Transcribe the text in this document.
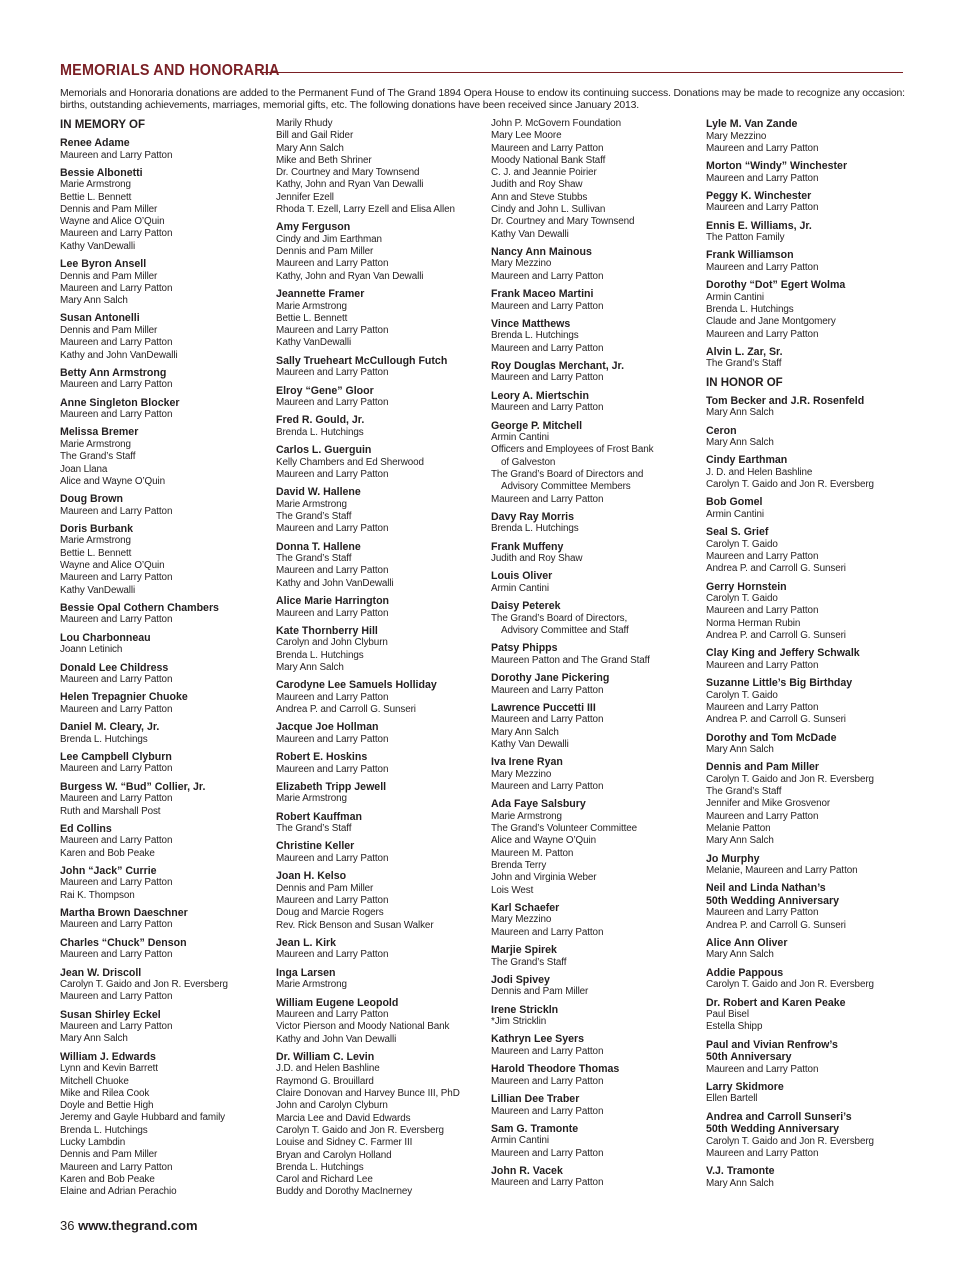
MEMORIALS AND HONORARIA
Memorials and Honoraria donations are added to the Permanent Fund of The Grand 1894 Opera House to endow its continuing success. Donations may be made to recognize any occasion: births, outstanding achievements, marriages, memorial gifts, etc. The following donations have been received since January 2013.
IN MEMORY OF
Renee Adame
Maureen and Larry Patton
Bessie Albonetti
Marie Armstrong
Bettie L. Bennett
Dennis and Pam Miller
Wayne and Alice O’Quin
Maureen and Larry Patton
Kathy VanDewalli
Lee Byron Ansell
Dennis and Pam Miller
Maureen and Larry Patton
Mary Ann Salch
Susan Antonelli
Dennis and Pam Miller
Maureen and Larry Patton
Kathy and John VanDewalli
Betty Ann Armstrong
Maureen and Larry Patton
Anne Singleton Blocker
Maureen and Larry Patton
Melissa Bremer
Marie Armstrong
The Grand’s Staff
Joan Llana
Alice and Wayne O’Quin
Doug Brown
Maureen and Larry Patton
Doris Burbank
Marie Armstrong
Bettie L. Bennett
Wayne and Alice O’Quin
Maureen and Larry Patton
Kathy VanDewalli
Bessie Opal Cothern Chambers
Maureen and Larry Patton
Lou Charbonneau
Joann Letinich
Donald Lee Childress
Maureen and Larry Patton
Helen Trepagnier Chuoke
Maureen and Larry Patton
Daniel M. Cleary, Jr.
Brenda L. Hutchings
Lee Campbell Clyburn
Maureen and Larry Patton
Burgess W. “Bud” Collier, Jr.
Maureen and Larry Patton
Ruth and Marshall Post
Ed Collins
Maureen and Larry Patton
Karen and Bob Peake
John “Jack” Currie
Maureen and Larry Patton
Rai K. Thompson
Martha Brown Daeschner
Maureen and Larry Patton
Charles “Chuck” Denson
Maureen and Larry Patton
Jean W. Driscoll
Carolyn T. Gaido and Jon R. Eversberg
Maureen and Larry Patton
Susan Shirley Eckel
Maureen and Larry Patton
Mary Ann Salch
William J. Edwards
Lynn and Kevin Barrett
Mitchell Chuoke
Mike and Rilea Cook
Doyle and Bettie High
Jeremy and Gayle Hubbard and family
Brenda L. Hutchings
Lucky Lambdin
Dennis and Pam Miller
Maureen and Larry Patton
Karen and Bob Peake
Elaine and Adrian Perachio
Marily Rhudy
Bill and Gail Rider
Mary Ann Salch
Mike and Beth Shriner
Dr. Courtney and Mary Townsend
Kathy, John and Ryan Van Dewalli
Jennifer Ezell
Rhoda T. Ezell, Larry Ezell and Elisa Allen
Amy Ferguson
Cindy and Jim Earthman
Dennis and Pam Miller
Maureen and Larry Patton
Kathy, John and Ryan Van Dewalli
Jeannette Framer
Marie Armstrong
Bettie L. Bennett
Maureen and Larry Patton
Kathy VanDewalli
Sally Trueheart McCullough Futch
Maureen and Larry Patton
Elroy “Gene” Gloor
Maureen and Larry Patton
Fred R. Gould, Jr.
Brenda L. Hutchings
Carlos L. Guerguin
Kelly Chambers and Ed Sherwood
Maureen and Larry Patton
David W. Hallene
Marie Armstrong
The Grand’s Staff
Maureen and Larry Patton
Donna T. Hallene
The Grand’s Staff
Maureen and Larry Patton
Kathy and John VanDewalli
Alice Marie Harrington
Maureen and Larry Patton
Kate Thornberry Hill
Carolyn and John Clyburn
Brenda L. Hutchings
Mary Ann Salch
Carodyne Lee Samuels Holliday
Maureen and Larry Patton
Andrea P. and Carroll G. Sunseri
Jacque Joe Hollman
Maureen and Larry Patton
Robert E. Hoskins
Maureen and Larry Patton
Elizabeth Tripp Jewell
Marie Armstrong
Robert Kauffman
The Grand’s Staff
Christine Keller
Maureen and Larry Patton
Joan H. Kelso
Dennis and Pam Miller
Maureen and Larry Patton
Doug and Marcie Rogers
Rev. Rick Benson and Susan Walker
Jean L. Kirk
Maureen and Larry Patton
Inga Larsen
Marie Armstrong
William Eugene Leopold
Maureen and Larry Patton
Victor Pierson and Moody National Bank
Kathy and John Van Dewalli
Dr. William C. Levin
J.D. and Helen Bashline
Raymond G. Brouillard
Claire Donovan and Harvey Bunce III, PhD
John and Carolyn Clyburn
Marcia Lee and David Edwards
Carolyn T. Gaido and Jon R. Eversberg
Louise and Sidney C. Farmer III
Bryan and Carolyn Holland
Brenda L. Hutchings
Carol and Richard Lee
Buddy and Dorothy MacInerney
John P. McGovern Foundation
Mary Lee Moore
Maureen and Larry Patton
Moody National Bank Staff
C. J. and Jeannie Poirier
Judith and Roy Shaw
Ann and Steve Stubbs
Cindy and John L. Sullivan
Dr. Courtney and Mary Townsend
Kathy Van Dewalli
Nancy Ann Mainous
Mary Mezzino
Maureen and Larry Patton
Frank Maceo Martini
Maureen and Larry Patton
Vince Matthews
Brenda L. Hutchings
Maureen and Larry Patton
Roy Douglas Merchant, Jr.
Maureen and Larry Patton
Leory A. Miertschin
Maureen and Larry Patton
George P. Mitchell
Armin Cantini
Officers and Employees of Frost Bank
of Galveston
The Grand’s Board of Directors and
Advisory Committee Members
Maureen and Larry Patton
Davy Ray Morris
Brenda L. Hutchings
Frank Muffeny
Judith and Roy Shaw
Louis Oliver
Armin Cantini
Daisy Peterek
The Grand’s Board of Directors,
Advisory Committee and Staff
Patsy Phipps
Maureen Patton and The Grand Staff
Dorothy Jane Pickering
Maureen and Larry Patton
Lawrence Puccetti III
Maureen and Larry Patton
Mary Ann Salch
Kathy Van Dewalli
Iva Irene Ryan
Mary Mezzino
Maureen and Larry Patton
Ada Faye Salsbury
Marie Armstrong
The Grand’s Volunteer Committee
Alice and Wayne O’Quin
Maureen M. Patton
Brenda Terry
John and Virginia Weber
Lois West
Karl Schaefer
Mary Mezzino
Maureen and Larry Patton
Marjie Spirek
The Grand’s Staff
Jodi Spivey
Dennis and Pam Miller
Irene Strickln
*Jim Stricklin
Kathryn Lee Syers
Maureen and Larry Patton
Harold Theodore Thomas
Maureen and Larry Patton
Lillian Dee Traber
Maureen and Larry Patton
Sam G. Tramonte
Armin Cantini
Maureen and Larry Patton
John R. Vacek
Maureen and Larry Patton
Lyle M. Van Zande
Mary Mezzino
Maureen and Larry Patton
Morton “Windy” Winchester
Maureen and Larry Patton
Peggy K. Winchester
Maureen and Larry Patton
Ennis E. Williams, Jr.
The Patton Family
Frank Williamson
Maureen and Larry Patton
Dorothy “Dot” Egert Wolma
Armin Cantini
Brenda L. Hutchings
Claude and Jane Montgomery
Maureen and Larry Patton
Alvin L. Zar, Sr.
The Grand’s Staff
IN HONOR OF
Tom Becker and J.R. Rosenfeld
Mary Ann Salch
Ceron
Mary Ann Salch
Cindy Earthman
J. D. and Helen Bashline
Carolyn T. Gaido and Jon R. Eversberg
Bob Gomel
Armin Cantini
Seal S. Grief
Carolyn T. Gaido
Maureen and Larry Patton
Andrea P. and Carroll G. Sunseri
Gerry Hornstein
Carolyn T. Gaido
Maureen and Larry Patton
Norma Herman Rubin
Andrea P. and Carroll G. Sunseri
Clay King and Jeffery Schwalk
Maureen and Larry Patton
Suzanne Little’s Big Birthday
Carolyn T. Gaido
Maureen and Larry Patton
Andrea P. and Carroll G. Sunseri
Dorothy and Tom McDade
Mary Ann Salch
Dennis and Pam Miller
Carolyn T. Gaido and Jon R. Eversberg
The Grand’s Staff
Jennifer and Mike Grosvenor
Maureen and Larry Patton
Melanie Patton
Mary Ann Salch
Jo Murphy
Melanie, Maureen and Larry Patton
Neil and Linda Nathan’s
50th Wedding Anniversary
Maureen and Larry Patton
Andrea P. and Carroll G. Sunseri
Alice Ann Oliver
Mary Ann Salch
Addie Pappous
Carolyn T. Gaido and Jon R. Eversberg
Dr. Robert and Karen Peake
Paul Bisel
Estella Shipp
Paul and Vivian Renfrow’s
50th Anniversary
Maureen and Larry Patton
Larry Skidmore
Ellen Bartell
Andrea and Carroll Sunseri’s
50th Wedding Anniversary
Carolyn T. Gaido and Jon R. Eversberg
Maureen and Larry Patton
V.J. Tramonte
Mary Ann Salch
36 www.thegrand.com
